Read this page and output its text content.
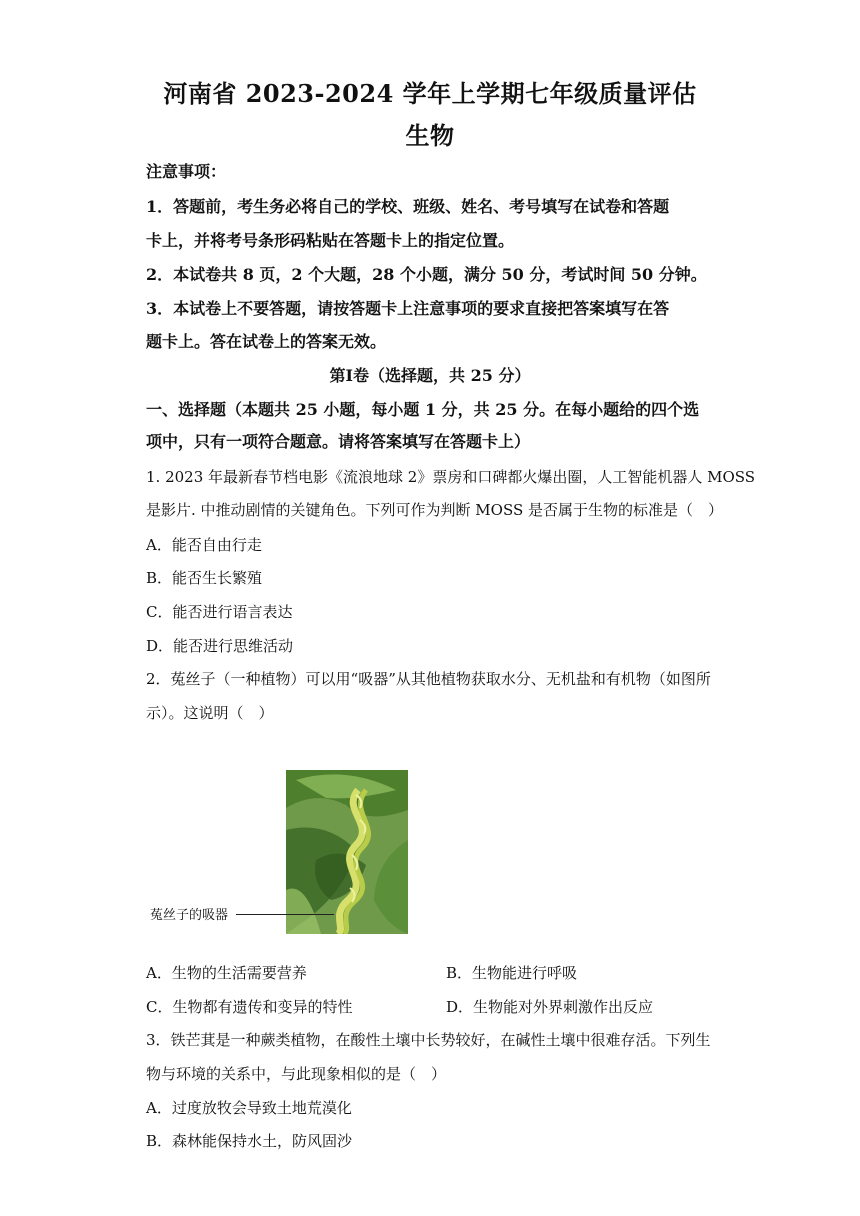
河南省 2023-2024 学年上学期七年级质量评估
生物
注意事项：
1．答题前，考生务必将自己的学校、班级、姓名、考号填写在试卷和答题
卡上，并将考号条形码粘贴在答题卡上的指定位置。
2．本试卷共 8 页，2 个大题，28 个小题，满分 50 分，考试时间 50 分钟。
3．本试卷上不要答题，请按答题卡上注意事项的要求直接把答案填写在答
题卡上。答在试卷上的答案无效。
第Ⅰ卷（选择题，共 25 分）
一、选择题（本题共 25 小题，每小题 1 分，共 25 分。在每小题给的四个选
项中，只有一项符合题意。请将答案填写在答题卡上）
1. 2023 年最新春节档电影《流浪地球 2》票房和口碑都火爆出圈，人工智能机器人 MOSS
是影片. 中推动剧情的关键角色。下列可作为判断 MOSS 是否属于生物的标准是（　）
A．能否自由行走
B．能否生长繁殖
C．能否进行语言表达
D．能否进行思维活动
2．菟丝子（一种植物）可以用“吸器”从其他植物获取水分、无机盐和有机物（如图所
示）。这说明（　）
菟丝子的吸器
A．生物的生活需要营养	B．生物能进行呼吸
C．生物都有遗传和变异的特性	D．生物能对外界刺激作出反应
3．铁芒萁是一种蕨类植物，在酸性土壤中长势较好，在碱性土壤中很难存活。下列生
物与环境的关系中，与此现象相似的是（　）
A．过度放牧会导致土地荒漠化
B．森林能保持水土，防风固沙
